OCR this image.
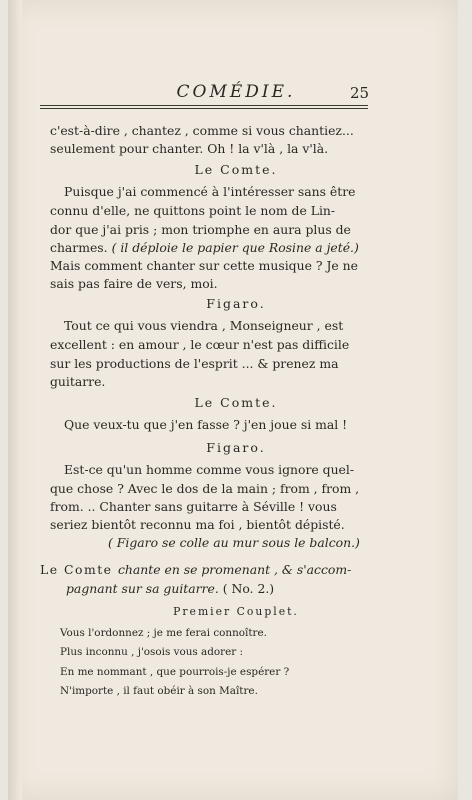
COMÉDIE.	25
c'est-à-dire , chantez , comme si vous chantiez...
seulement pour chanter. Oh ! la v'là , la v'là.
Le Comte.
Puisque j'ai commencé à l'intéresser sans être
connu d'elle, ne quittons point le nom de Lin-
dor que j'ai pris ; mon triomphe en aura plus de
charmes. ( il déploie le papier que Rosine a jeté.)
Mais comment chanter sur cette musique ? Je ne
sais pas faire de vers, moi.
Figaro.
Tout ce qui vous viendra , Monseigneur , est
excellent : en amour , le cœur n'est pas difficile
sur les productions de l'esprit ... & prenez ma
guitarre.
Le Comte.
Que veux-tu que j'en fasse ? j'en joue si mal !
Figaro.
Est-ce qu'un homme comme vous ignore quel-
que chose ? Avec le dos de la main ; from , from ,
from. .. Chanter sans guitarre à Séville ! vous
seriez bientôt reconnu ma foi , bientôt dépisté.
( Figaro se colle au mur sous le balcon.)
Le Comte chante en se promenant , & s'accom-
pagnant sur sa guitarre. ( No. 2.)
Premier Couplet.
Vous l'ordonnez ; je me ferai connoître.
Plus inconnu , j'osois vous adorer :
En me nommant , que pourrois-je espérer ?
N'importe , il faut obéir à son Maître.
